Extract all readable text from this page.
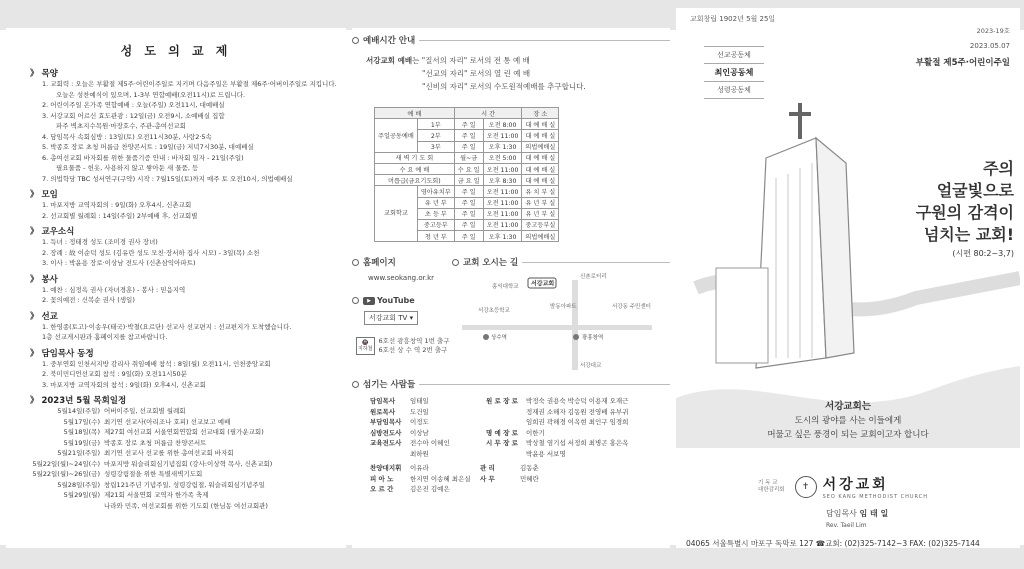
성 도 의 교 제
》 목양
1. 교회력 : 오늘은 부활절 제5주·어린이주일로 지키며 다음주일은 부활절 제6주·어버이주일로 지킵니다.
오늘은 성찬예식이 있으며, 1-3부 연합예배(오전11시)로 드립니다.
2. 어린이주일 온가족 연합예배 : 오늘(주일) 오전11시, 대예배실
3. 서강교회 어르신 효도관광 : 12일(금) 오전9시, 소예배실 집합
파주 벽초지수목원·마장호수, 주관-총여선교회
4. 담임목사 속회심방 : 13일(토) 오전11시30분, 사랑2·5속
5. 박종호 장로 초청 머릅급 찬양콘서트 : 19일(금) 저녁7시30분, 대예배실
6. 총여선교회 바자회를 위한 물품기증 안내 : 바자회 일자 - 21일(주일)
필요물품 - 헌옷, 사용하지 않고 쌓아둔 새 물품, 등
7. 의법학당 TBC 성서연구(구약) 시작 : 7월15일(토)까지 매주 토 오전10시, 의법예배실
》 모임
1. 마포지방 교역자회의 : 9일(화) 오후4시, 신촌교회
2. 선교회별 월례회 : 14일(주일) 2부예배 후, 선교회별
》 교우소식
1. 득녀 : 정태경 성도 (조미경 권사 장녀)
2. 장례 : 故 이순덕 성도 (김유란 성도 모친·장서하 집사 시모) - 3일(목) 소천
3. 이사 : 박윤용 장로·이상남 전도사 (신촌삼익아파트)
》 봉사
1. 예찬 : 심정옥 권사 (자녀경훈) - 봉사 : 믿음지역
2. 꽃의예전 : 신복순 권사 (생일)
》 선교
1. 한영종(토고)·이송우(태국)·박철(요르단) 선교사 선교편지 : 선교편지가 도착했습니다.
1층 선교게시판과 홈페이지를 참고바랍니다.
》 담임목사 동정
1. 중부연회 인천서지방 감리사 취임예배 참석 : 8일(월) 오전11시, 인천중앙교회
2. 북미민디언선교회 참석 : 9일(화) 오전11시50분
3. 마포지방 교역자회의 참석 : 9일(화) 오후4시, 신촌교회
》 2023년 5월 목회일정
5월14일(주일) 어버이주일, 선교회별 월례회
5월17일(수) 최기연 선교사(아리조나 호피) 선교보고 예배
5월18일(목) 제27회 여선교회 서울연회연합회 선교대회 (필가운교회)
5월19일(금) 박종호 장로 초청 머릅급 찬양콘서트
5월21일(주일) 최기연 선교사 선교를 위한 총여선교회 바자회
5월22일(월)~24일(수) 마포지방 워슬리회심기념집회 (강사:이상혁 목사, 신촌교회)
5월22일(월)~26일(금) 성령강림절을 위한 특별새벽기도회
5월28일(주일) 창립121주년 기념주일, 성령강림절, 워슬리회심기념주일
5월29일(월) 제21회 서울연회 교역자 한가족 축제
나라와 민족, 여선교회를 위한 기도회 (한님동 여선교회관)
예배시간 안내
서강교회 예배는 "질서의 자리" 로서의 전 통 예 배
"선교의 자리" 로서의 열 린 예 배
"신비의 자리" 로서의 수도원적예배를 추구합니다.
예 배		시 간		장 소
주일공동예배	1부	주 일	오전 8:00	대 예 배 실
	2부	주 일	오전 11:00	대 예 배 실
	3부	주 일	오후 1:30	의법예배실
새 벽 기 도 회		월~금	오전 5:00	대 예 배 실
수 요 예 배		수 요 일	오전 11:00	대 예 배 실
머릅급(금요기도회)		금 요 일	오후 8:30	대 예 배 실
교회학교	영아유치부	주 일	오전 11:00	유 치 부 실
	유 년 부	주 일	오전 11:00	유 년 부 실
	초 등 부	주 일	오전 11:00	유 년 부 실
	중고등부	주 일	오전 11:00	중고등부실
	청 년 부	주 일	오후 1:30	의법예배실
홈페이지
www.seokang.or.kr
▶ YouTube
서강교회 TV ▾
🚇
지하철
6호선 광흥창역 1번 출구
6호선 상 수 역 2번 출구
교회 오시는 길
홍익대학교
신촌로터리
서강교회
서강초등학교
밤동아파트	서강동 주민센터
상수역	광흥창역
서강대교
섬기는 사람들
담임목사 임태일
원로목사 도건일
부담임목사 이정도
심방전도사 이상남
교육전도사 전수아 이혜인
최하원
원 로 장 로 박정숙 권용숙 박승덕 이용재 오재근
정재권 소해자 김동원 전영배 유부귀
임희권 곽해경 이옥현 최인구 임경희
명 예 장 로 이한기
시 무 장 로 박상철 염기섭 서정희 최병곤 홍은옥
박윤용 서보명
찬양대지휘 이유라	관 리	김동춘
피 아 노	한지연 이송혜 최은실	사 무	민혜란
오 르 간	김은진 김예은
교회창립 1902년 5월 25일
2023-19호
2023.05.07
부활절 제5주·어린이주일
선교공동체
최인공동체
성령공동체
주의
얼굴빛으로
구원의 감격이
넘치는 교회!
(시편 80:2~3,7)
서강교회는
도시의 광야를 사는 이들에게
머물고 싶은 풍경이 되는 교회이고자 합니다
기 독 교
대한감리회	✝ 서강교회
SEO KANG METHODIST CHURCH
담임목사 임 태 일
Rev. Taeil Lim
04065 서울특별시 마포구 독막로 127 ☎교회: (02)325-7142~3 FAX: (02)325-7144
